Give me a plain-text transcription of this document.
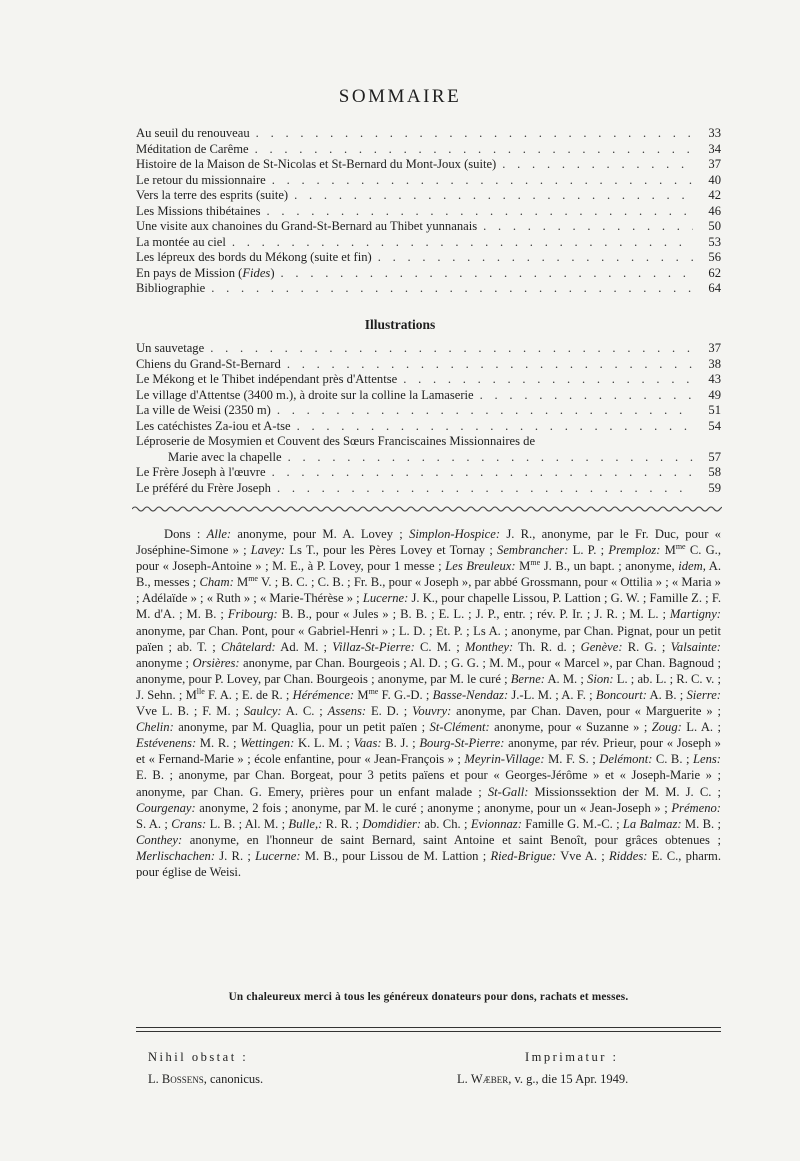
SOMMAIRE
Au seuil du renouveau . . .	33
Méditation de Carême . . .	34
Histoire de la Maison de St-Nicolas et St-Bernard du Mont-Joux (suite) . . .	37
Le retour du missionnaire . . .	40
Vers la terre des esprits (suite) . . .	42
Les Missions thibétaines . . .	46
Une visite aux chanoines du Grand-St-Bernard au Thibet yunnanais . . .	50
La montée au ciel . . .	53
Les lépreux des bords du Mékong (suite et fin) . . .	56
En pays de Mission (Fides) . . .	62
Bibliographie . . .	64
Illustrations
Un sauvetage . . .	37
Chiens du Grand-St-Bernard . . .	38
Le Mékong et le Thibet indépendant près d'Attentse . . .	43
Le village d'Attentse (3400 m.), à droite sur la colline la Lamaserie . . .	49
La ville de Weisi (2350 m) . . .	51
Les catéchistes Za-iou et A-tse . . .	54
Léproserie de Mosymien et Couvent des Sœurs Franciscaines Missionnaires de
Marie avec la chapelle . . .	57
Le Frère Joseph à l'œuvre . . .	58
Le préféré du Frère Joseph . . .	59
Dons : Alle: anonyme, pour M. A. Lovey ; Simplon-Hospice: J. R., anonyme, par le Fr. Duc, pour « Joséphine-Simone » ; Lavey: Ls T., pour les Pères Lovey et Tornay ; Sembrancher: L. P. ; Premploz: $M^{me}$ C. G., pour « Joseph-Antoine » ; M. E., à P. Lovey, pour 1 messe ; Les Breuleux: $M^{me}$ J. B., un bapt. ; anonyme, idem, A. B., messes ; Cham: $M^{me}$ V. ; B. C. ; C. B. ; Fr. B., pour « Joseph », par abbé Grossmann, pour « Ottilia » ; « Maria » ; Adélaïde » ; « Ruth » ; « Marie-Thérèse » ; Lucerne: J. K., pour chapelle Lissou, P. Lattion ; G. W. ; Famille Z. ; F. M. d'A. ; M. B. ; Fribourg: B. B., pour « Jules » ; B. B. ; E. L. ; J. P., entr. ; rév. P. Ir. ; J. R. ; M. L. ; Martigny: anonyme, par Chan. Pont, pour « Gabriel-Henri » ; L. D. ; Et. P. ; Ls A. ; anonyme, par Chan. Pignat, pour un petit païen ; ab. T. ; Châtelard: Ad. M. ; Villaz-St-Pierre: C. M. ; Monthey: Th. R. d. ; Genève: R. G. ; Valsainte: anonyme ; Orsières: anonyme, par Chan. Bourgeois ; Al. D. ; G. G. ; M. M., pour « Marcel », par Chan. Bagnoud ; anonyme, pour P. Lovey, par Chan. Bourgeois ; anonyme, par M. le curé ; Berne: A. M. ; Sion: L. ; ab. L. ; R. C. v. ; J. Sehn. ; $M^{lle}$ F. A. ; E. de R. ; Hérémence: $M^{me}$ F. G.-D. ; Basse-Nendaz: J.-L. M. ; A. F. ; Boncourt: A. B. ; Sierre: Vve L. B. ; F. M. ; Saulcy: A. C. ; Assens: E. D. ; Vouvry: anonyme, par Chan. Daven, pour « Marguerite » ; Chelin: anonyme, par M. Quaglia, pour un petit païen ; St-Clément: anonyme, pour « Suzanne » ; Zoug: L. A. ; Estévenens: M. R. ; Wettingen: K. L. M. ; Vaas: B. J. ; Bourg-St-Pierre: anonyme, par rév. Prieur, pour « Joseph » et « Fernand-Marie » ; école enfantine, pour « Jean-François » ; Meyrin-Village: M. F. S. ; Delémont: C. B. ; Lens: E. B. ; anonyme, par Chan. Borgeat, pour 3 petits païens et pour « Georges-Jérôme » et « Joseph-Marie » ; anonyme, par Chan. G. Emery, prières pour un enfant malade ; St-Gall: Missionssektion der M. M. J. C. ; Courgenay: anonyme, 2 fois ; anonyme, par M. le curé ; anonyme ; anonyme, pour un « Jean-Joseph » ; Prémeno: S. A. ; Crans: L. B. ; Al. M. ; Bulle,: R. R. ; Domdidier: ab. Ch. ; Evionnaz: Famille G. M.-C. ; La Balmaz: M. B. ; Conthey: anonyme, en l'honneur de saint Bernard, saint Antoine et saint Benoît, pour grâces obtenues ; Merlischachen: J. R. ; Lucerne: M. B., pour Lissou de M. Lattion ; Ried-Brigue: Vve A. ; Riddes: E. C., pharm. pour église de Weisi.
Un chaleureux merci à tous les généreux donateurs pour dons, rachats et messes.
Nihil obstat :
L. Bossens, canonicus.
Imprimatur :
L. Wæber, v. g., die 15 Apr. 1949.
